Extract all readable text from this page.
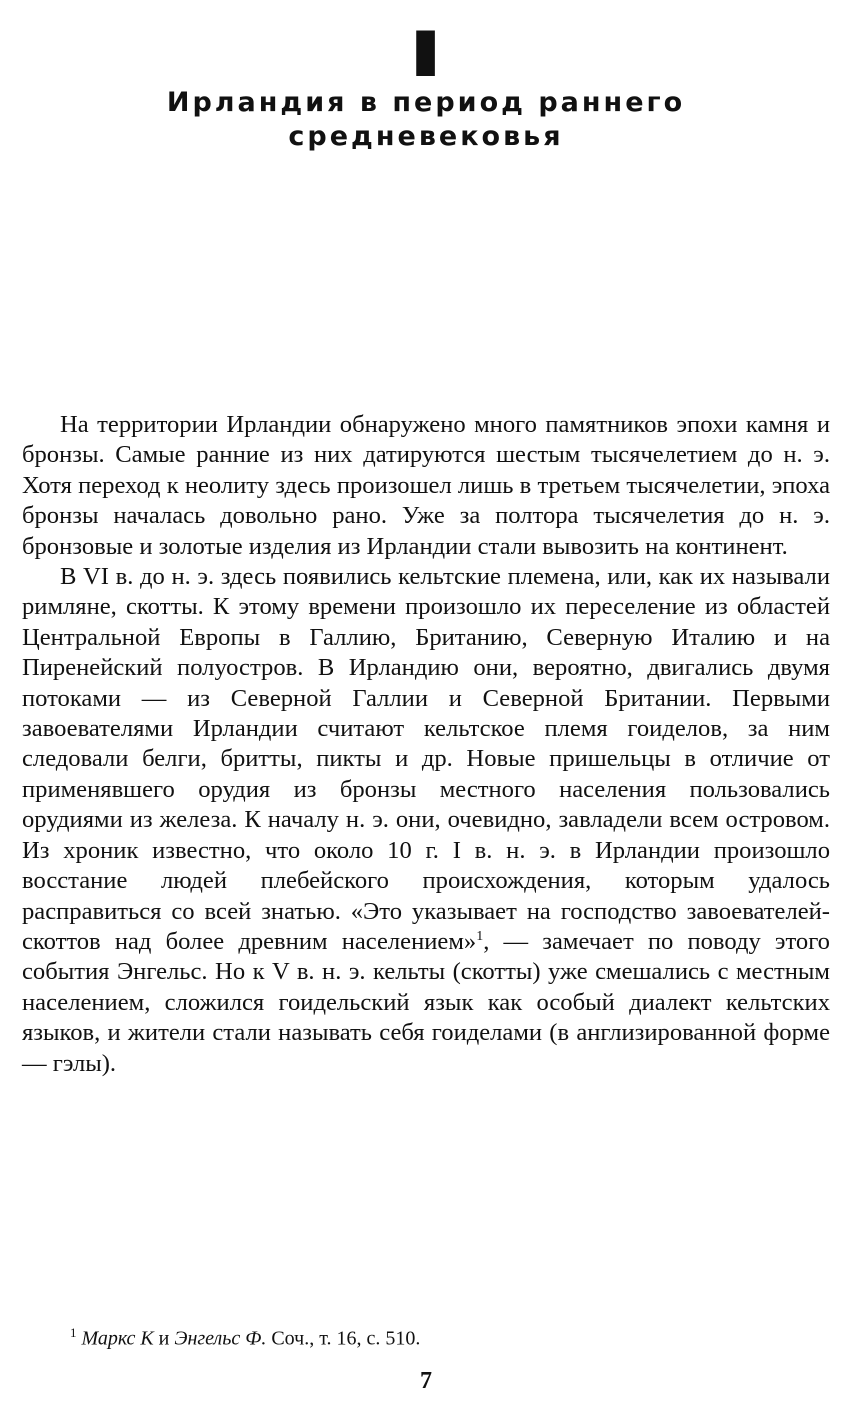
I
Ирландия в период раннего
средневековья

На территории Ирландии обнаружено много памятников эпохи камня и бронзы. Самые ранние из них датируются шестым тысячелетием до н. э. Хотя переход к неолиту здесь произошел лишь в третьем тысячелетии, эпоха бронзы началась довольно рано. Уже за полтора тысячелетия до н. э. бронзовые и золотые изделия из Ирландии стали вывозить на континент.

В VI в. до н. э. здесь появились кельтские племена, или, как их называли римляне, скотты. К этому времени произошло их переселение из областей Центральной Европы в Галлию, Британию, Северную Италию и на Пиренейский полуостров. В Ирландию они, вероятно, двигались двумя потоками — из Северной Галлии и Северной Британии. Первыми завоевателями Ирландии считают кельтское племя гоиделов, за ним следовали белги, бритты, пикты и др. Новые пришельцы в отличие от применявшего орудия из бронзы местного населения пользовались орудиями из железа. К началу н. э. они, очевидно, завладели всем островом. Из хроник известно, что около 10 г. I в. н. э. в Ирландии произошло восстание людей плебейского происхождения, которым удалось расправиться со всей знатью. «Это указывает на господство завоевателей-скоттов над более древним населением»$^1$, — замечает по поводу этого события Энгельс. Но к V в. н. э. кельты (скотты) уже смешались с местным населением, сложился гоидельский язык как особый диалект кельтских языков, и жители стали называть себя гоиделами (в англизированной форме — гэлы).

$^1$ Маркс К и Энгельс Ф. Соч., т. 16, с. 510.
7
